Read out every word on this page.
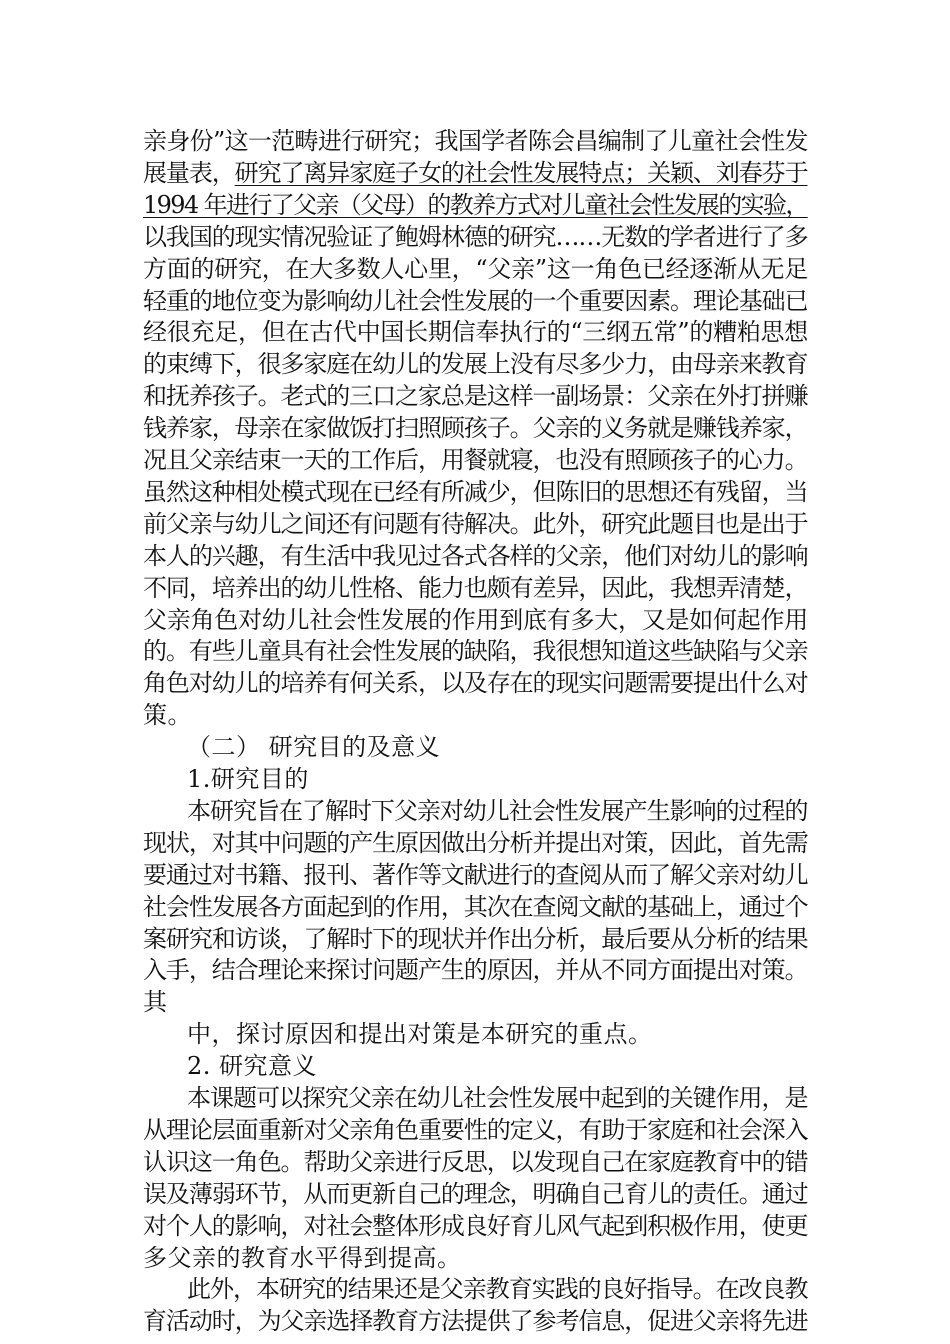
亲身份”这一范畴进行研究；我国学者陈会昌编制了儿童社会性发
展量表，研究了离异家庭子女的社会性发展特点；关颖、刘春芬于
1994 年进行了父亲（父母）的教养方式对儿童社会性发展的实验，
以我国的现实情况验证了鲍姆林德的研究……无数的学者进行了多
方面的研究，在大多数人心里，“父亲”这一角色已经逐渐从无足
轻重的地位变为影响幼儿社会性发展的一个重要因素。理论基础已
经很充足，但在古代中国长期信奉执行的“三纲五常”的糟粕思想
的束缚下，很多家庭在幼儿的发展上没有尽多少力，由母亲来教育
和抚养孩子。老式的三口之家总是这样一副场景：父亲在外打拼赚
钱养家，母亲在家做饭打扫照顾孩子。父亲的义务就是赚钱养家，
况且父亲结束一天的工作后，用餐就寝，也没有照顾孩子的心力。
虽然这种相处模式现在已经有所减少，但陈旧的思想还有残留，当
前父亲与幼儿之间还有问题有待解决。此外，研究此题目也是出于
本人的兴趣，有生活中我见过各式各样的父亲，他们对幼儿的影响
不同，培养出的幼儿性格、能力也颇有差异，因此，我想弄清楚，
父亲角色对幼儿社会性发展的作用到底有多大，又是如何起作用
的。有些儿童具有社会性发展的缺陷，我很想知道这些缺陷与父亲
角色对幼儿的培养有何关系，以及存在的现实问题需要提出什么对
策。
（二） 研究目的及意义
1.研究目的
本研究旨在了解时下父亲对幼儿社会性发展产生影响的过程的
现状，对其中问题的产生原因做出分析并提出对策，因此，首先需
要通过对书籍、报刊、著作等文献进行的查阅从而了解父亲对幼儿
社会性发展各方面起到的作用，其次在查阅文献的基础上，通过个
案研究和访谈，了解时下的现状并作出分析，最后要从分析的结果
入手，结合理论来探讨问题产生的原因，并从不同方面提出对策。
其
中，探讨原因和提出对策是本研究的重点。
2. 研究意义
本课题可以探究父亲在幼儿社会性发展中起到的关键作用，是
从理论层面重新对父亲角色重要性的定义，有助于家庭和社会深入
认识这一角色。帮助父亲进行反思，以发现自己在家庭教育中的错
误及薄弱环节，从而更新自己的理念，明确自己育儿的责任。通过
对个人的影响，对社会整体形成良好育儿风气起到积极作用，使更
多父亲的教育水平得到提高。
此外，本研究的结果还是父亲教育实践的良好指导。在改良教
育活动时，为父亲选择教育方法提供了参考信息，促进父亲将先进
